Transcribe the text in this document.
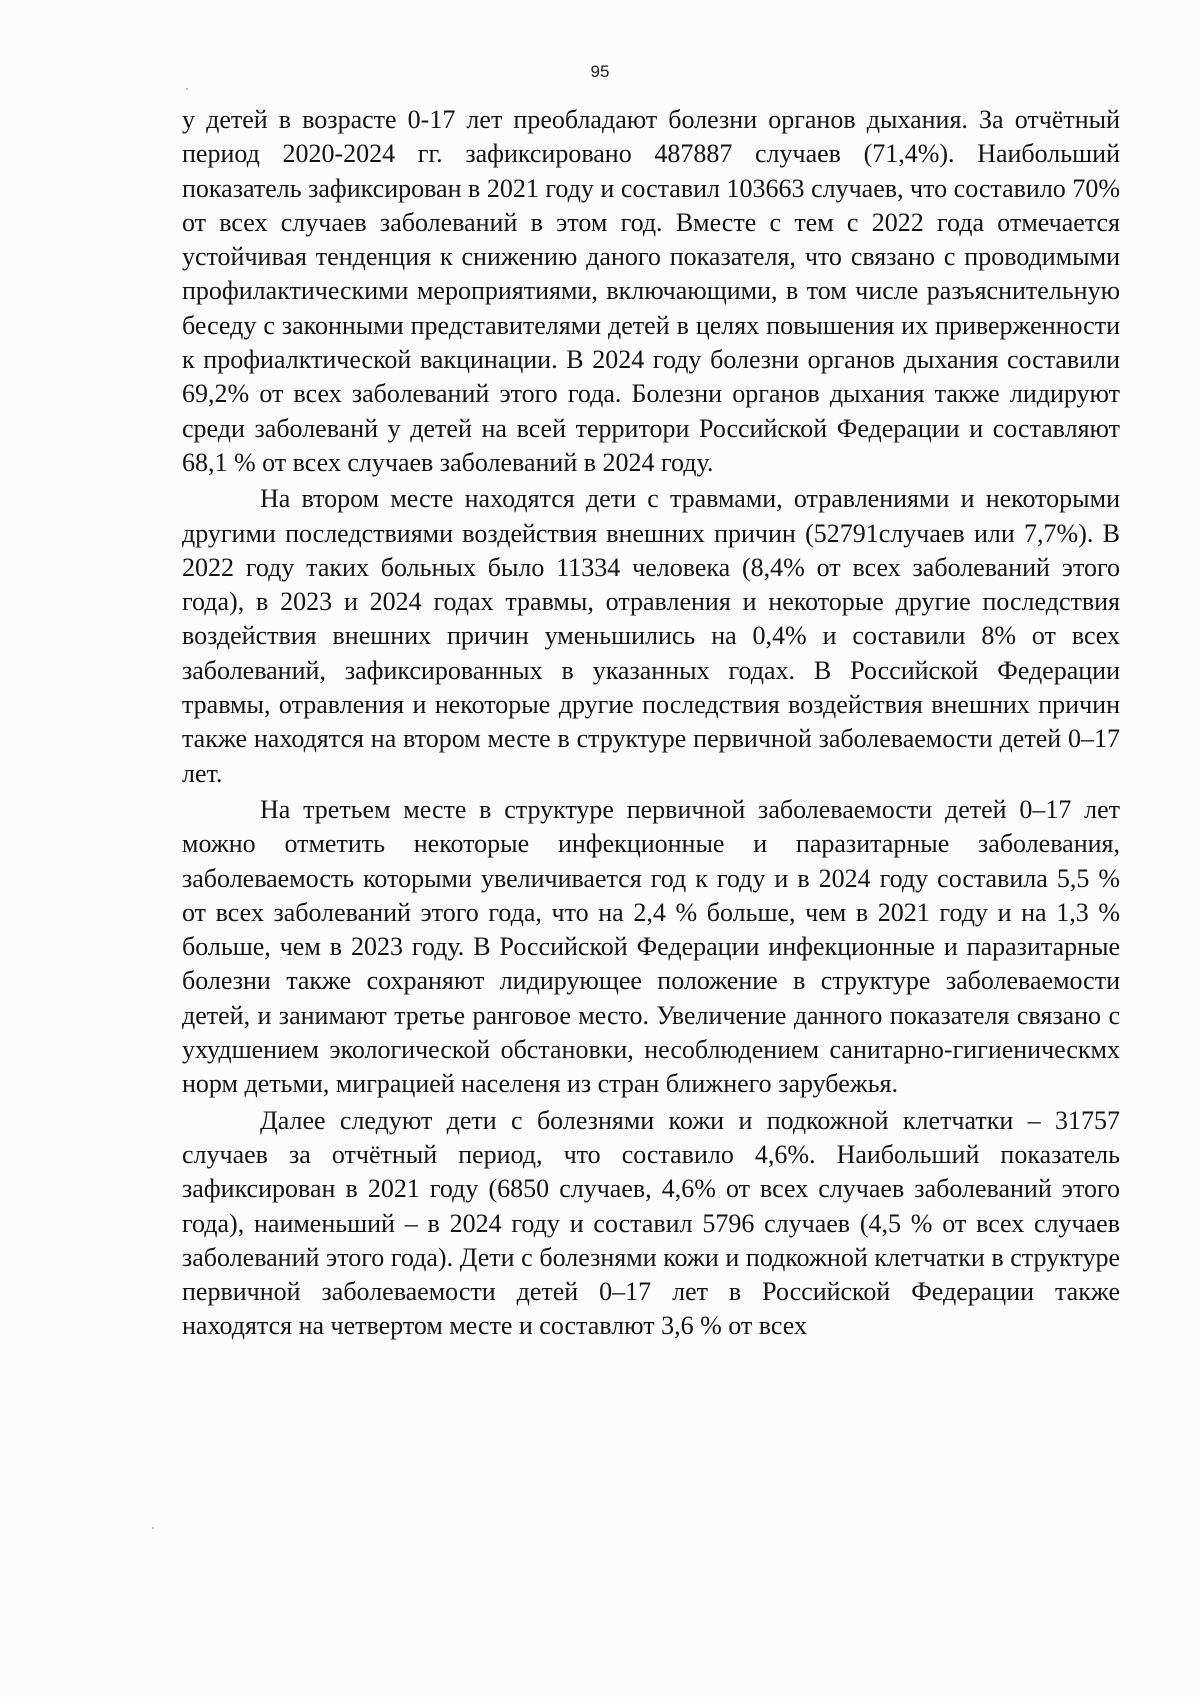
95

у детей в возрасте 0-17 лет преобладают болезни органов дыхания. За отчётный период 2020-2024 гг. зафиксировано 487887 случаев (71,4%). Наибольший показатель зафиксирован в 2021 году и составил 103663 случаев, что составило 70% от всех случаев заболеваний в этом год. Вместе с тем с 2022 года отмечается устойчивая тенденция к снижению даного показателя, что связано с проводимыми профилактическими мероприятиями, включающими, в том числе разъяснительную беседу с законными представителями детей в целях повышения их приверженности к профиалктической вакцинации. В 2024 году болезни органов дыхания составили 69,2% от всех заболеваний этого года. Болезни органов дыхания также лидируют среди заболеванй у детей на всей территори Российской Федерации и составляют 68,1 % от всех случаев заболеваний в 2024 году.

На втором месте находятся дети с травмами, отравлениями и некоторыми другими последствиями воздействия внешних причин (52791случаев или 7,7%). В 2022 году таких больных было 11334 человека (8,4% от всех заболеваний этого года), в 2023 и 2024 годах травмы, отравления и некоторые другие последствия воздействия внешних причин уменьшились на 0,4% и составили 8% от всех заболеваний, зафиксированных в указанных годах. В Российской Федерации травмы, отравления и некоторые другие последствия воздействия внешних причин также находятся на втором месте в структуре первичной заболеваемости детей 0–17 лет.

На третьем месте в структуре первичной заболеваемости детей 0–17 лет можно отметить некоторые инфекционные и паразитарные заболевания, заболеваемость которыми увеличивается год к году и в 2024 году составила 5,5 % от всех заболеваний этого года, что на 2,4 % больше, чем в 2021 году и на 1,3 % больше, чем в 2023 году. В Российской Федерации инфекционные и паразитарные болезни также сохраняют лидирующее положение в структуре заболеваемости детей, и занимают третье ранговое место. Увеличение данного показателя связано с ухудшением экологической обстановки, несоблюдением санитарно-гигиеническмх норм детьми, миграцией населеня из стран ближнего зарубежья.

Далее следуют дети с болезнями кожи и подкожной клетчатки – 31757 случаев за отчётный период, что составило 4,6%. Наибольший показатель зафиксирован в 2021 году (6850 случаев, 4,6% от всех случаев заболеваний этого года), наименьший – в 2024 году и составил 5796 случаев (4,5 % от всех случаев заболеваний этого года). Дети с болезнями кожи и подкожной клетчатки в структуре первичной заболеваемости детей 0–17 лет в Российской Федерации также находятся на четвертом месте и составлют 3,6 % от всех
